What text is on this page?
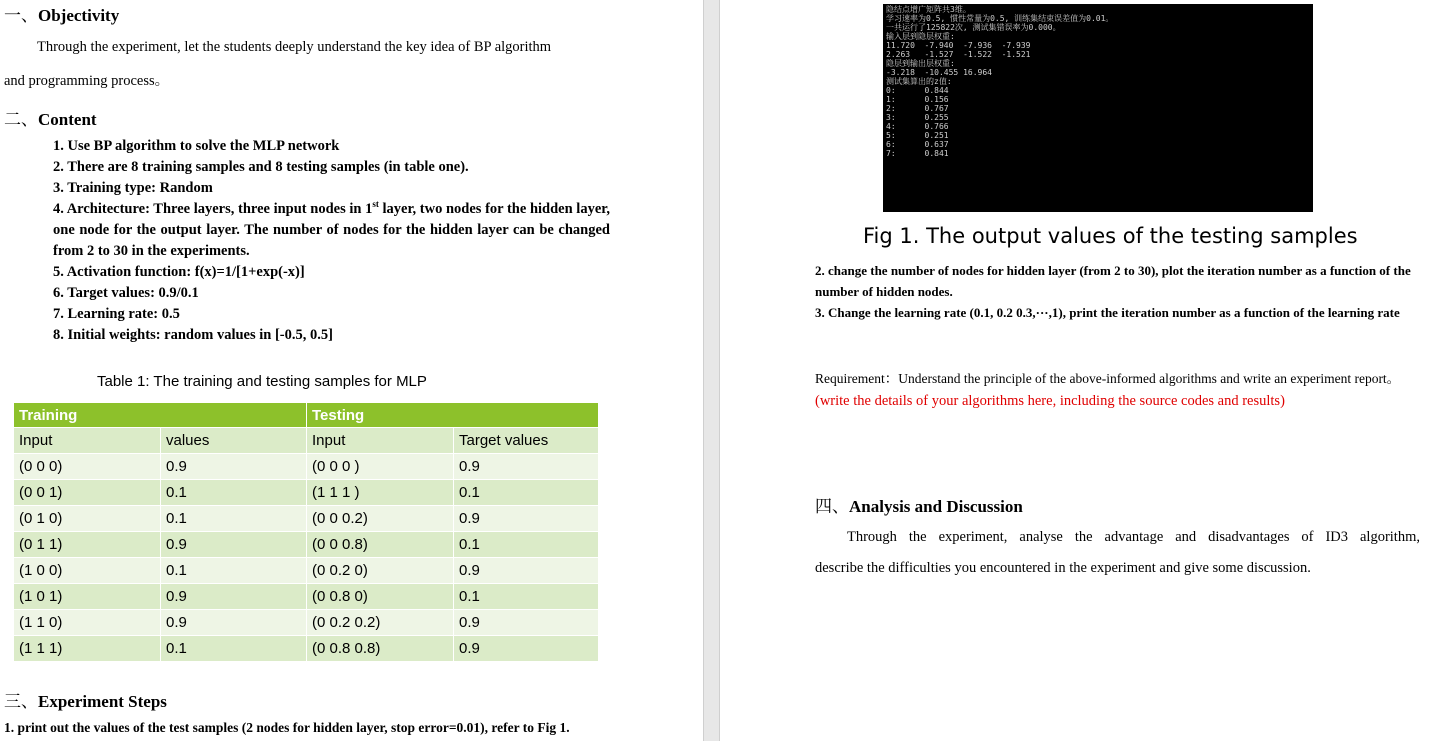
一、Objectivity
Through the experiment, let the students deeply understand the key idea of BP algorithm
and programming process。
二、Content
1. Use BP algorithm to solve the MLP network
2. There are 8 training samples and 8 testing samples (in table one).
3. Training type: Random
4. Architecture: Three layers, three input nodes in 1st layer, two nodes for the hidden layer, one node for the output layer. The number of nodes for the hidden layer can be changed from 2 to 30 in the experiments.
5. Activation function: f(x)=1/[1+exp(-x)]
6. Target values: 0.9/0.1
7. Learning rate: 0.5
8. Initial weights: random values in [-0.5, 0.5]
Table 1: The training and testing samples for MLP
Training		Testing	
Input	values	Input	Target values
(0 0 0)	0.9	(0 0 0 )	0.9
(0 0 1)	0.1	(1 1 1 )	0.1
(0 1 0)	0.1	(0 0 0.2)	0.9
(0 1 1)	0.9	(0 0 0.8)	0.1
(1 0 0)	0.1	(0 0.2 0)	0.9
(1 0 1)	0.9	(0 0.8 0)	0.1
(1 1 0)	0.9	(0 0.2 0.2)	0.9
(1 1 1)	0.1	(0 0.8 0.8)	0.9
三、Experiment Steps
1. print out the values of the test samples (2 nodes for hidden layer, stop error=0.01), refer to Fig 1.
隐结点增广矩阵共3维。
学习速率为0.5, 惯性常量为0.5, 训练集结束误差值为0.01。
一共运行了125822次, 测试集错误率为0.000。
输入层到隐层权重:
11.720  -7.940  -7.936  -7.939
2.263   -1.527  -1.522  -1.521
隐层到输出层权重:
-3.218  -10.455 16.964
测试集算出的z值:
0:      0.844
1:      0.156
2:      0.767
3:      0.255
4:      0.766
5:      0.251
6:      0.637
7:      0.841
Fig 1. The output values of the testing samples
2. change the number of nodes for hidden layer (from 2 to 30), plot the iteration number as a function of the number of hidden nodes.
3. Change the learning rate (0.1, 0.2 0.3,···,1), print the iteration number as a function of the learning rate
Requirement：Understand the principle of the above-informed algorithms and write an experiment report。
(write the details of your algorithms here, including the source codes and results)
四、Analysis and Discussion
Through the experiment, analyse the advantage and disadvantages of ID3 algorithm,
describe the difficulties you encountered in the experiment and give some discussion.
